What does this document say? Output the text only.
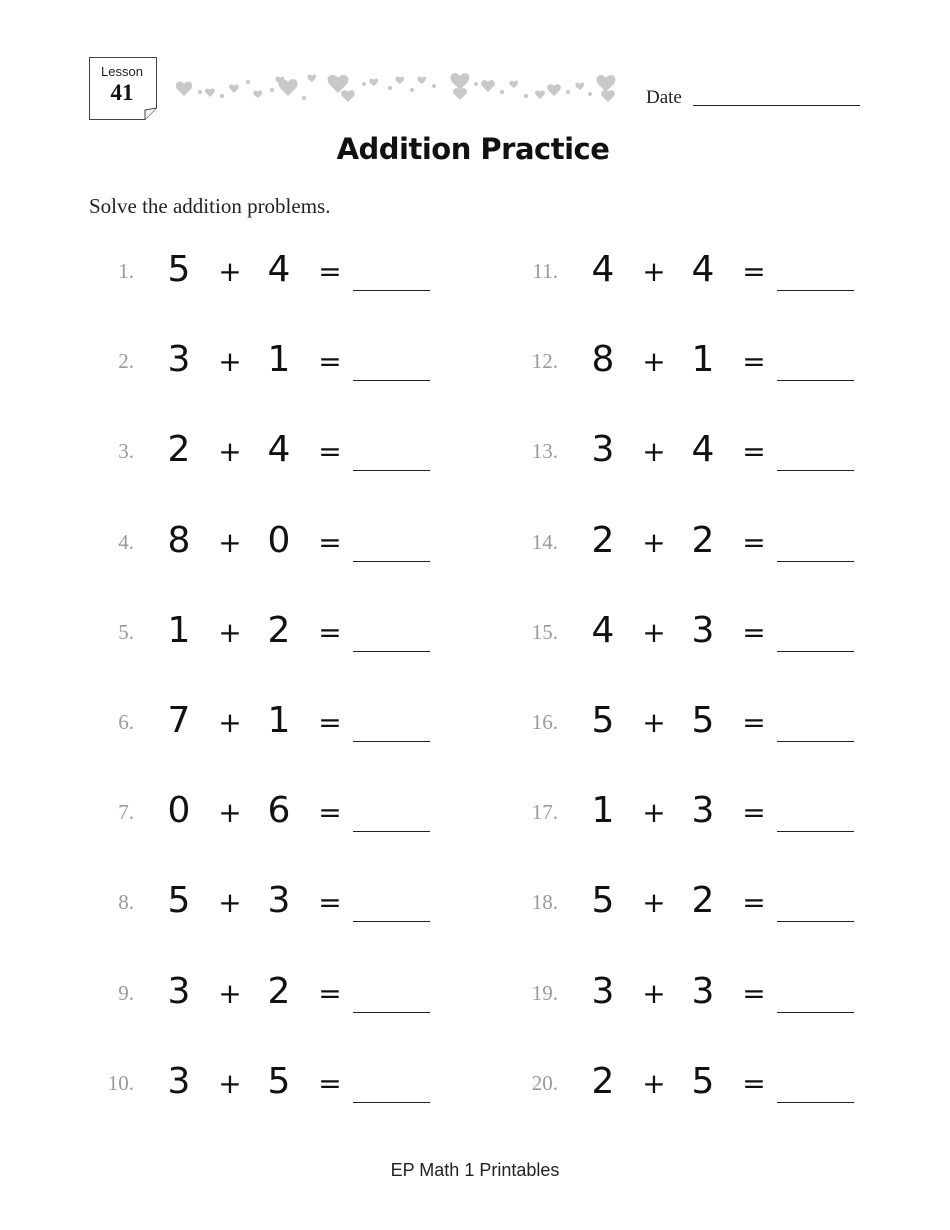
Lesson
41	Date
Addition Practice
Solve the addition problems.
1. 5 + 4 =
2. 3 + 1 =
3. 2 + 4 =
4. 8 + 0 =
5. 1 + 2 =
6. 7 + 1 =
7. 0 + 6 =
8. 5 + 3 =
9. 3 + 2 =
10. 3 + 5 =
11. 4 + 4 =
12. 8 + 1 =
13. 3 + 4 =
14. 2 + 2 =
15. 4 + 3 =
16. 5 + 5 =
17. 1 + 3 =
18. 5 + 2 =
19. 3 + 3 =
20. 2 + 5 =
EP Math 1 Printables
